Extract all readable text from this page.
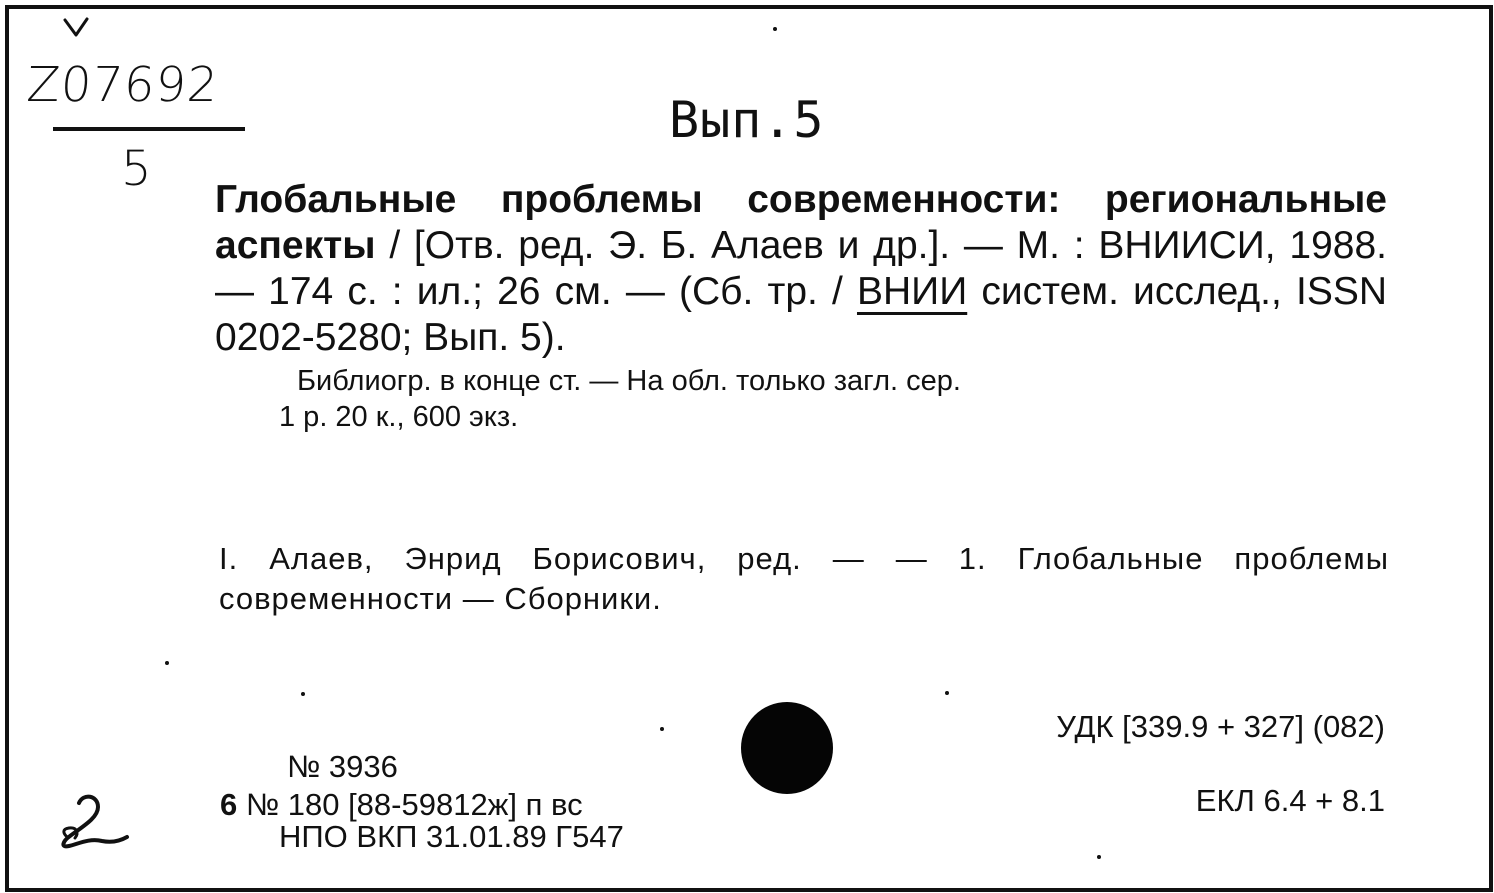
Z07692
5
Вып.5
Глобальные проблемы современности: региональные аспекты / [Отв. ред. Э. Б. Алаев и др.]. — М. : ВНИИСИ, 1988. — 174 с. : ил.; 26 см. — (Сб. тр. / ВНИИ систем. исслед., ISSN 0202-5280; Вып. 5).
Библиогр. в конце ст. — На обл. только загл. сер.
1 р. 20 к., 600 экз.
I. Алаев, Энрид Борисович, ред. — — 1. Глобальные проблемы современности — Сборники.
УДК [339.9 + 327] (082)
ЕКЛ 6.4 + 8.1
№ 3936
6 № 180 [88-59812ж] п вс
НПО ВКП 31.01.89 Г547
